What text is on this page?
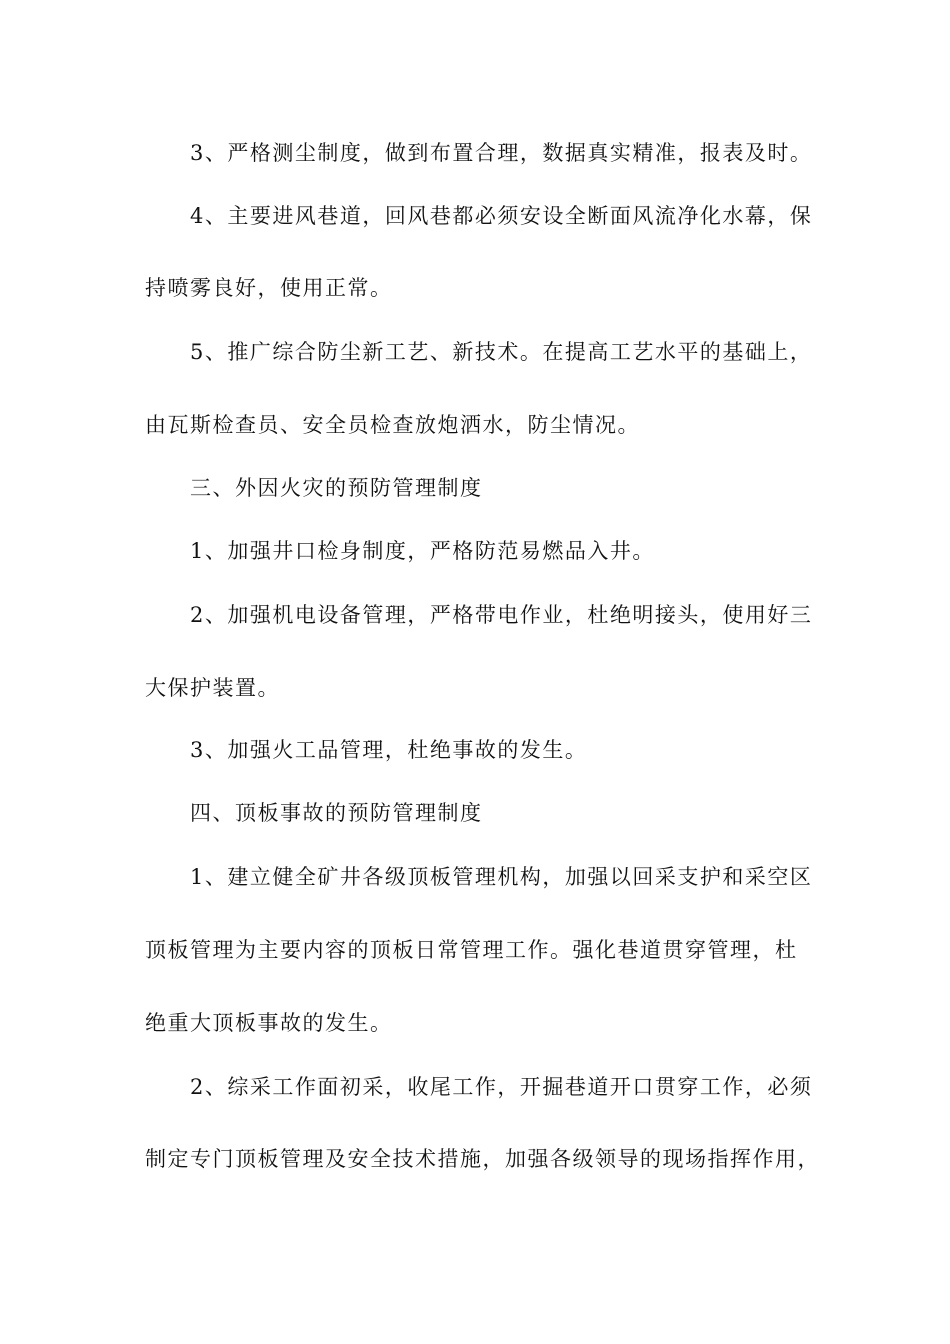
3、严格测尘制度，做到布置合理，数据真实精准，报表及时。
4、主要进风巷道，回风巷都必须安设全断面风流净化水幕，保
持喷雾良好，使用正常。
5、推广综合防尘新工艺、新技术。在提高工艺水平的基础上，
由瓦斯检查员、安全员检查放炮洒水，防尘情况。
三、外因火灾的预防管理制度
1、加强井口检身制度，严格防范易燃品入井。
2、加强机电设备管理，严格带电作业，杜绝明接头，使用好三
大保护装置。
3、加强火工品管理，杜绝事故的发生。
四、顶板事故的预防管理制度
1、建立健全矿井各级顶板管理机构，加强以回采支护和采空区
顶板管理为主要内容的顶板日常管理工作。强化巷道贯穿管理，杜
绝重大顶板事故的发生。
2、综采工作面初采，收尾工作，开掘巷道开口贯穿工作，必须
制定专门顶板管理及安全技术措施，加强各级领导的现场指挥作用，
